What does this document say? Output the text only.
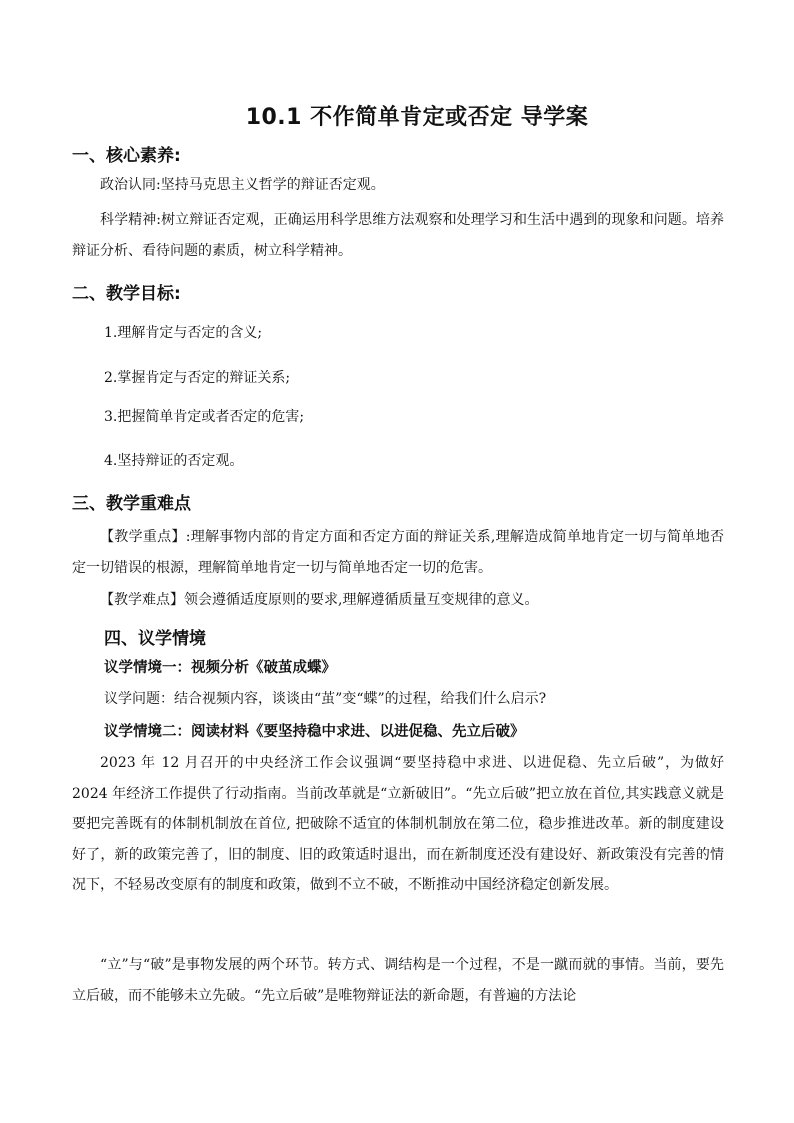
10.1 不作简单肯定或否定 导学案
一、核心素养:
政治认同:坚持马克思主义哲学的辩证否定观。
科学精神:树立辩证否定观，正确运用科学思维方法观察和处理学习和生活中遇到的现象和问题。培养辩证分析、看待问题的素质，树立科学精神。
二、教学目标:
1.理解肯定与否定的含义;
2.掌握肯定与否定的辩证关系;
3.把握简单肯定或者否定的危害;
4.坚持辩证的否定观。
三、教学重难点
【教学重点】:理解事物内部的肯定方面和否定方面的辩证关系,理解造成简单地肯定一切与简单地否定一切错误的根源，理解简单地肯定一切与简单地否定一切的危害。
【教学难点】领会遵循适度原则的要求,理解遵循质量互变规律的意义。
四、议学情境
议学情境一：视频分析《破茧成蝶》
议学问题：结合视频内容，谈谈由“茧”变“蝶”的过程，给我们什么启示?
议学情境二：阅读材料《要坚持稳中求进、以进促稳、先立后破》
2023 年 12 月召开的中央经济工作会议强调“要坚持稳中求进、以进促稳、先立后破”，为做好 2024 年经济工作提供了行动指南。当前改革就是“立新破旧”。“先立后破”把立放在首位,其实践意义就是要把完善既有的体制机制放在首位, 把破除不适宜的体制机制放在第二位，稳步推进改革。新的制度建设好了，新的政策完善了，旧的制度、旧的政策适时退出，而在新制度还没有建设好、新政策没有完善的情况下，不轻易改变原有的制度和政策，做到不立不破，不断推动中国经济稳定创新发展。
“立”与“破”是事物发展的两个环节。转方式、调结构是一个过程，不是一蹴而就的事情。当前，要先立后破，而不能够未立先破。“先立后破”是唯物辩证法的新命题，有普遍的方法论
